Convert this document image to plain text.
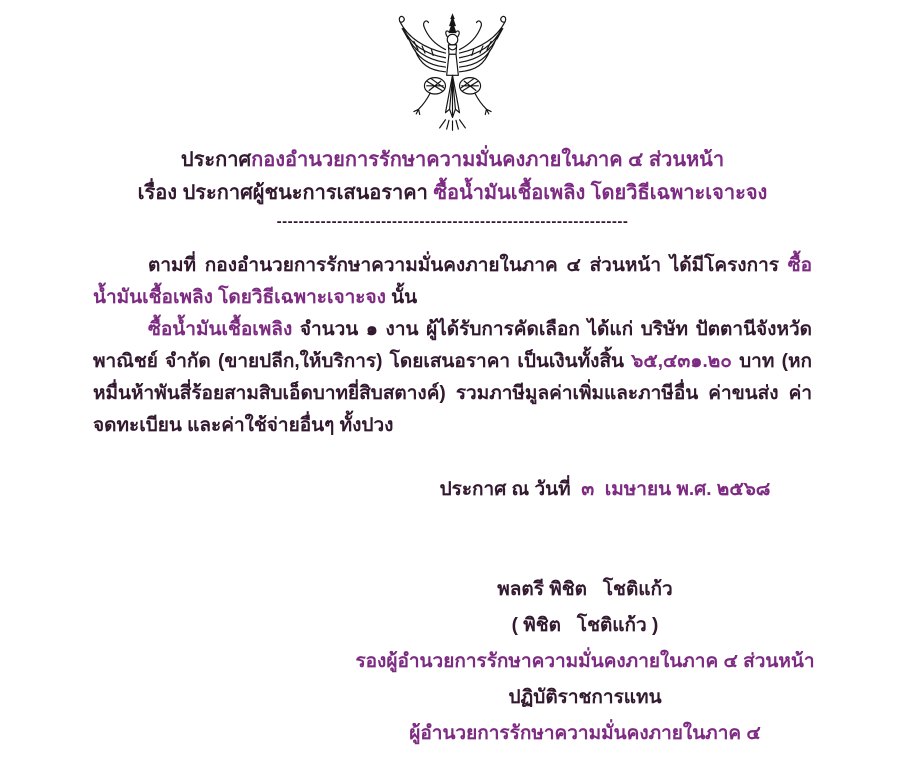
ประกาศกองอำนวยการรักษาความมั่นคงภายในภาค ๔ ส่วนหน้า
เรื่อง ประกาศผู้ชนะการเสนอราคา ซื้อน้ำมันเชื้อเพลิง โดยวิธีเฉพาะเจาะจง
----------------------------------------------------------------

ตามที่ กองอำนวยการรักษาความมั่นคงภายในภาค ๔ ส่วนหน้า ได้มีโครงการ ซื้อน้ำมันเชื้อเพลิง โดยวิธีเฉพาะเจาะจง นั้น

ซื้อน้ำมันเชื้อเพลิง จำนวน ๑ งาน ผู้ได้รับการคัดเลือก ได้แก่ บริษัท ปัตตานีจังหวัดพาณิชย์ จำกัด (ขายปลีก,ให้บริการ) โดยเสนอราคา เป็นเงินทั้งสิ้น ๖๕,๔๓๑.๒๐ บาท (หกหมื่นห้าพันสี่ร้อยสามสิบเอ็ดบาทยี่สิบสตางค์) รวมภาษีมูลค่าเพิ่มและภาษีอื่น ค่าขนส่ง ค่าจดทะเบียน และค่าใช้จ่ายอื่นๆ ทั้งปวง

ประกาศ ณ วันที่  ๓  เมษายน พ.ศ. ๒๕๖๘
พลตรี พิชิต   โชติแก้ว
( พิชิต   โชติแก้ว )
รองผู้อำนวยการรักษาความมั่นคงภายในภาค ๔ ส่วนหน้า
ปฏิบัติราชการแทน
ผู้อำนวยการรักษาความมั่นคงภายในภาค ๔
